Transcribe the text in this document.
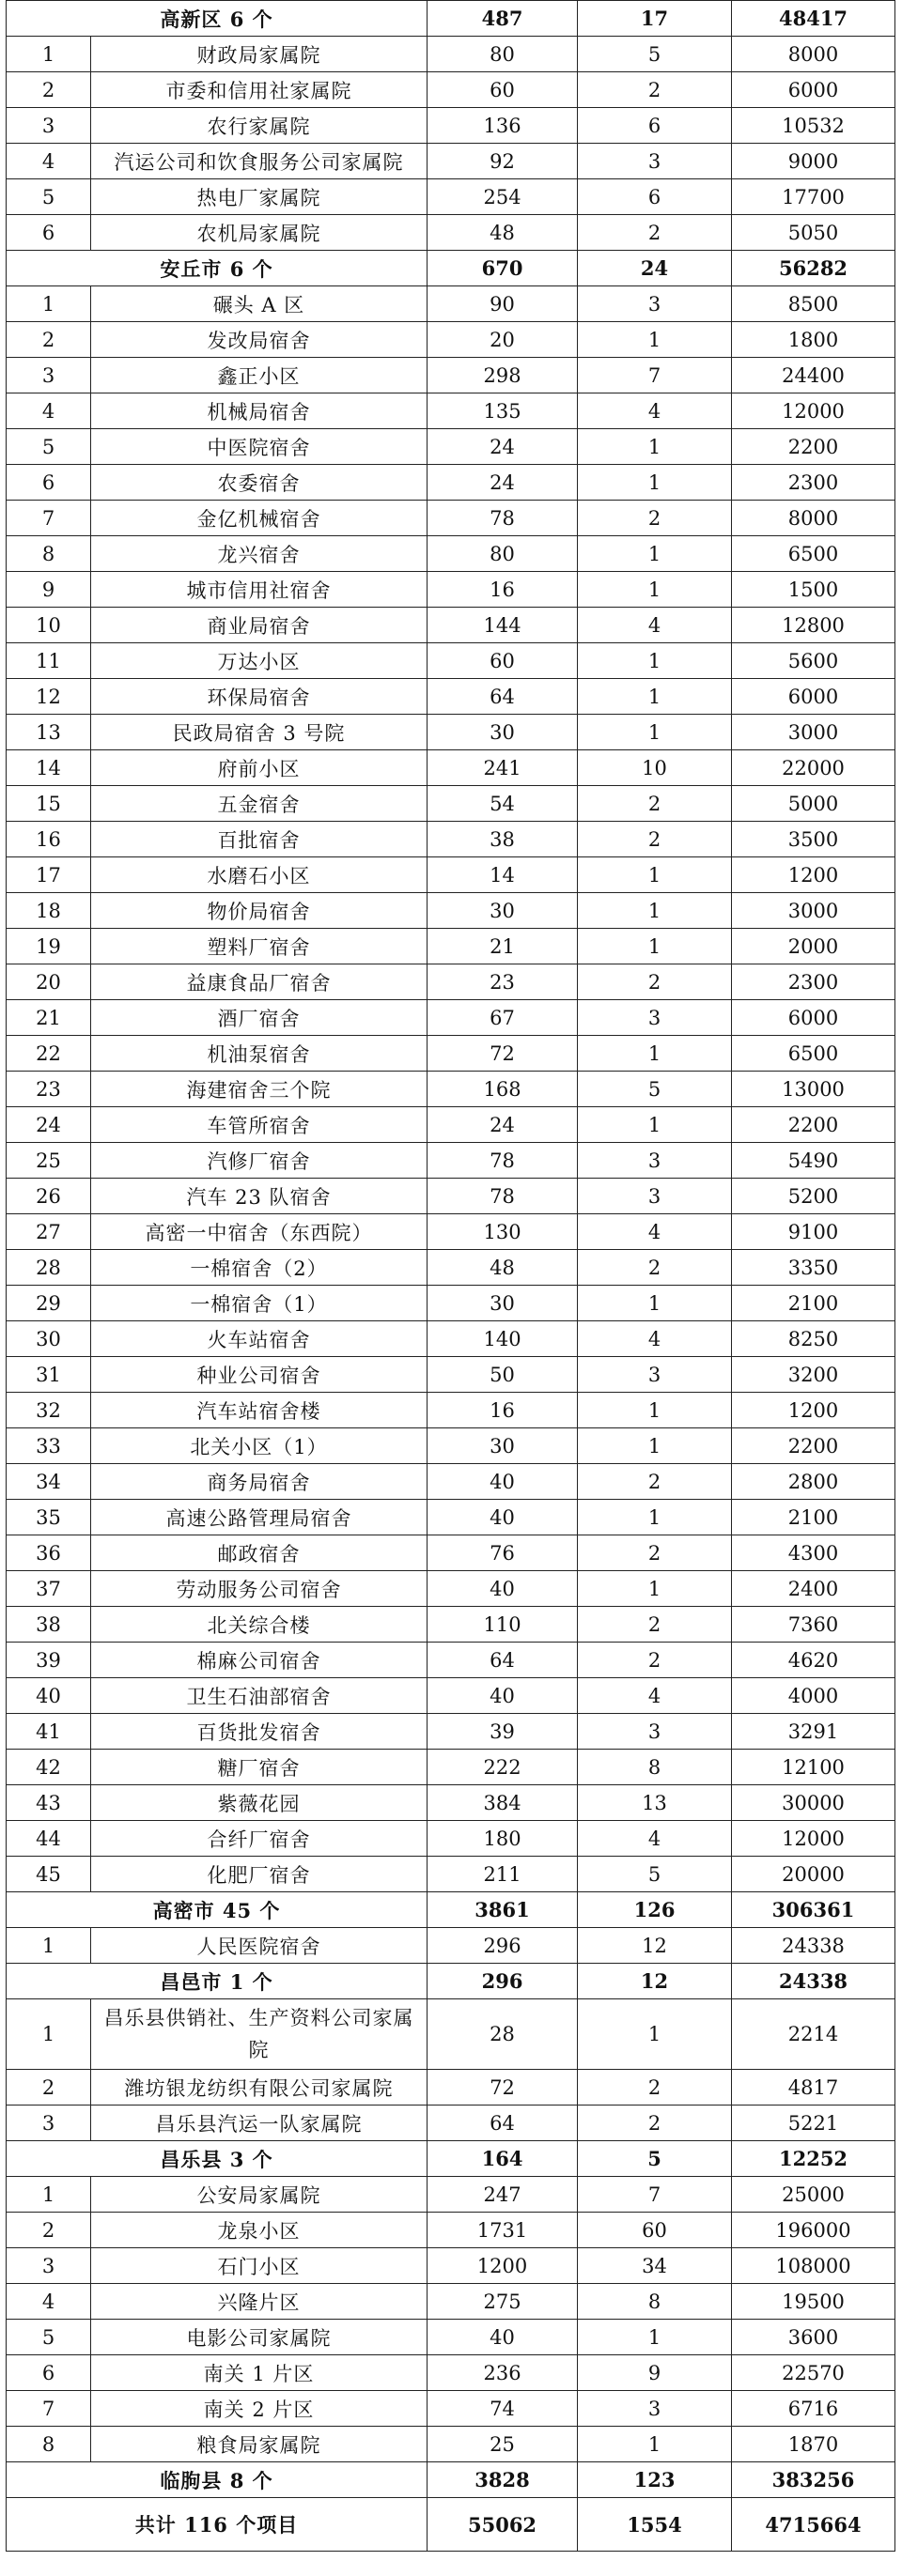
高新区 6 个		487	17	48417
1	财政局家属院	80	5	8000
2	市委和信用社家属院	60	2	6000
3	农行家属院	136	6	10532
4	汽运公司和饮食服务公司家属院	92	3	9000
5	热电厂家属院	254	6	17700
6	农机局家属院	48	2	5050
安丘市 6 个		670	24	56282
1	碾头 A 区	90	3	8500
2	发改局宿舍	20	1	1800
3	鑫正小区	298	7	24400
4	机械局宿舍	135	4	12000
5	中医院宿舍	24	1	2200
6	农委宿舍	24	1	2300
7	金亿机械宿舍	78	2	8000
8	龙兴宿舍	80	1	6500
9	城市信用社宿舍	16	1	1500
10	商业局宿舍	144	4	12800
11	万达小区	60	1	5600
12	环保局宿舍	64	1	6000
13	民政局宿舍 3 号院	30	1	3000
14	府前小区	241	10	22000
15	五金宿舍	54	2	5000
16	百批宿舍	38	2	3500
17	水磨石小区	14	1	1200
18	物价局宿舍	30	1	3000
19	塑料厂宿舍	21	1	2000
20	益康食品厂宿舍	23	2	2300
21	酒厂宿舍	67	3	6000
22	机油泵宿舍	72	1	6500
23	海建宿舍三个院	168	5	13000
24	车管所宿舍	24	1	2200
25	汽修厂宿舍	78	3	5490
26	汽车 23 队宿舍	78	3	5200
27	高密一中宿舍（东西院）	130	4	9100
28	一棉宿舍（2）	48	2	3350
29	一棉宿舍（1）	30	1	2100
30	火车站宿舍	140	4	8250
31	种业公司宿舍	50	3	3200
32	汽车站宿舍楼	16	1	1200
33	北关小区（1）	30	1	2200
34	商务局宿舍	40	2	2800
35	高速公路管理局宿舍	40	1	2100
36	邮政宿舍	76	2	4300
37	劳动服务公司宿舍	40	1	2400
38	北关综合楼	110	2	7360
39	棉麻公司宿舍	64	2	4620
40	卫生石油部宿舍	40	4	4000
41	百货批发宿舍	39	3	3291
42	糖厂宿舍	222	8	12100
43	紫薇花园	384	13	30000
44	合纤厂宿舍	180	4	12000
45	化肥厂宿舍	211	5	20000
高密市 45 个		3861	126	306361
1	人民医院宿舍	296	12	24338
昌邑市 1 个		296	12	24338
1	昌乐县供销社、生产资料公司家属院	28	1	2214
2	潍坊银龙纺织有限公司家属院	72	2	4817
3	昌乐县汽运一队家属院	64	2	5221
昌乐县 3 个		164	5	12252
1	公安局家属院	247	7	25000
2	龙泉小区	1731	60	196000
3	石门小区	1200	34	108000
4	兴隆片区	275	8	19500
5	电影公司家属院	40	1	3600
6	南关 1 片区	236	9	22570
7	南关 2 片区	74	3	6716
8	粮食局家属院	25	1	1870
临朐县 8 个		3828	123	383256
共计 116 个项目		55062	1554	4715664
